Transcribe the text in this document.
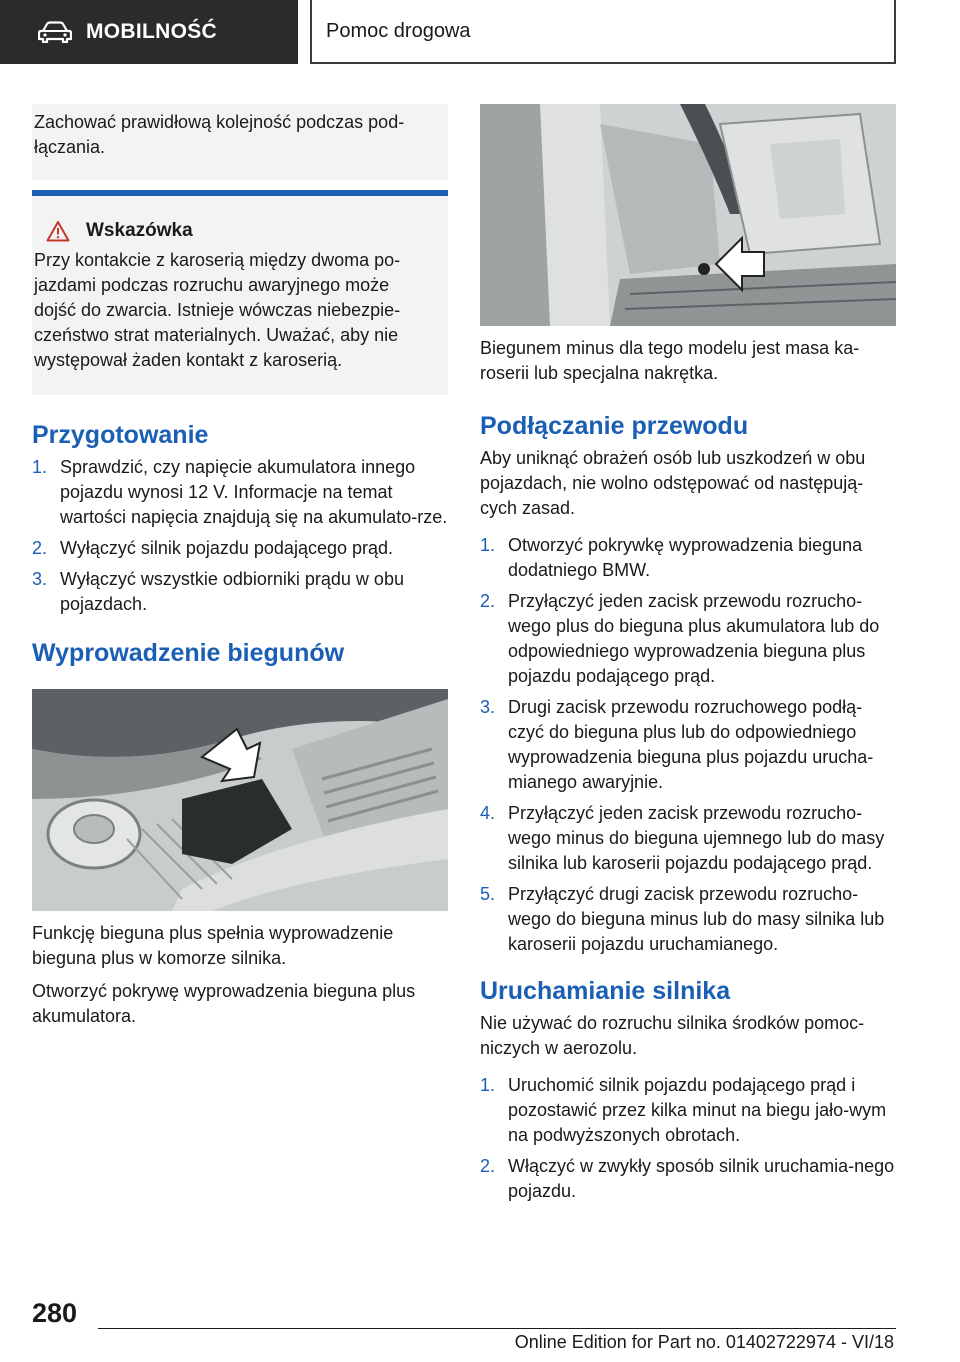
MOBILNOŚĆ	Pomoc drogowa

Zachować prawidłową kolejność podczas pod-łączania.

Wskazówka

Przy kontakcie z karoserią między dwoma po-jazdami podczas rozruchu awaryjnego może dojść do zwarcia. Istnieje wówczas niebezpie-czeństwo strat materialnych. Uważać, aby nie występował żaden kontakt z karoserią.

Przygotowanie
1. Sprawdzić, czy napięcie akumulatora innego pojazdu wynosi 12 V. Informacje na temat wartości napięcia znajdują się na akumulato-rze.
2. Wyłączyć silnik pojazdu podającego prąd.
3. Wyłączyć wszystkie odbiorniki prądu w obu pojazdach.
Wyprowadzenie biegunów

Funkcję bieguna plus spełnia wyprowadzenie bieguna plus w komorze silnika.

Otworzyć pokrywę wyprowadzenia bieguna plus akumulatora.

Biegunem minus dla tego modelu jest masa ka-roserii lub specjalna nakrętka.

Podłączanie przewodu

Aby uniknąć obrażeń osób lub uszkodzeń w obu pojazdach, nie wolno odstępować od następują-cych zasad.

1. Otworzyć pokrywkę wyprowadzenia bieguna dodatniego BMW.
2. Przyłączyć jeden zacisk przewodu rozrucho-wego plus do bieguna plus akumulatora lub do odpowiedniego wyprowadzenia bieguna plus pojazdu podającego prąd.
3. Drugi zacisk przewodu rozruchowego podłą-czyć do bieguna plus lub do odpowiedniego wyprowadzenia bieguna plus pojazdu urucha-mianego awaryjnie.
4. Przyłączyć jeden zacisk przewodu rozrucho-wego minus do bieguna ujemnego lub do masy silnika lub karoserii pojazdu podającego prąd.
5. Przyłączyć drugi zacisk przewodu rozrucho-wego do bieguna minus lub do masy silnika lub karoserii pojazdu uruchamianego.
Uruchamianie silnika

Nie używać do rozruchu silnika środków pomoc-niczych w aerozolu.

1. Uruchomić silnik pojazdu podającego prąd i pozostawić przez kilka minut na biegu jało-wym na podwyższonych obrotach.
2. Włączyć w zwykły sposób silnik uruchamia-nego pojazdu.
280
Online Edition for Part no. 01402722974 - VI/18
